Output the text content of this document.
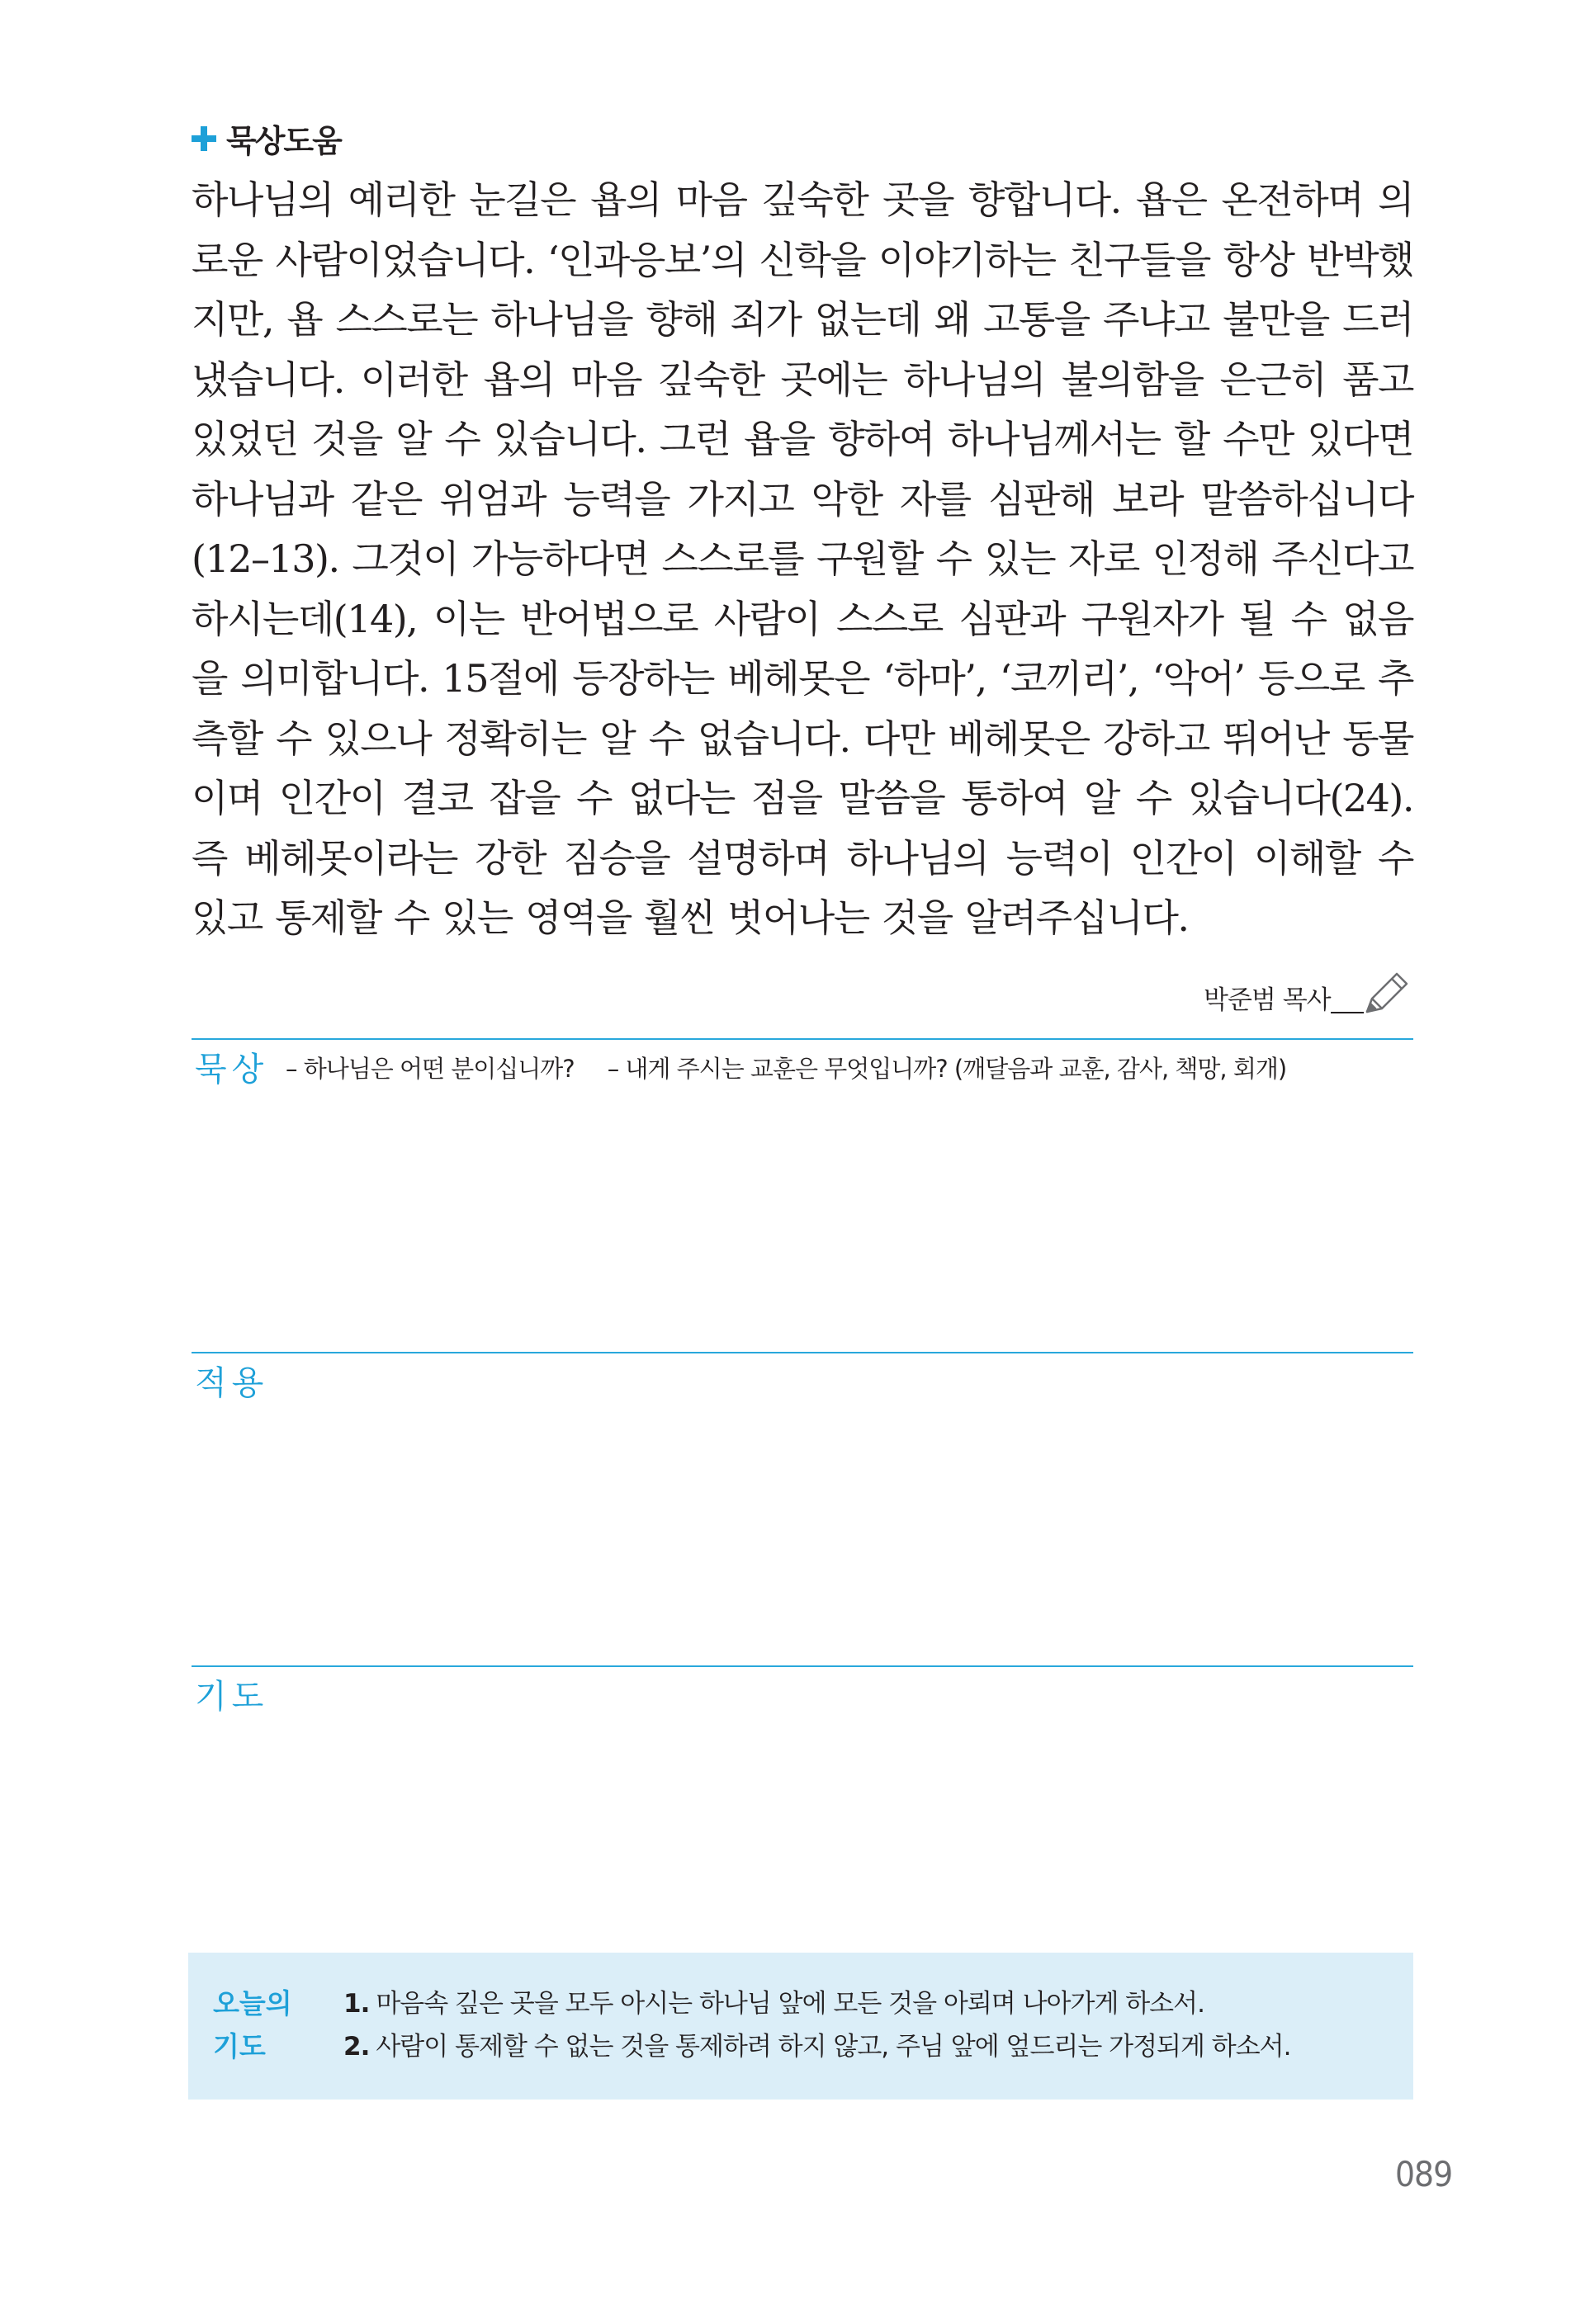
묵상도움

하나님의 예리한 눈길은 욥의 마음 깊숙한 곳을 향합니다. 욥은 온전하며 의로운 사람이었습니다. ‘인과응보’의 신학을 이야기하는 친구들을 항상 반박했지만, 욥 스스로는 하나님을 향해 죄가 없는데 왜 고통을 주냐고 불만을 드러냈습니다. 이러한 욥의 마음 깊숙한 곳에는 하나님의 불의함을 은근히 품고 있었던 것을 알 수 있습니다. 그런 욥을 향하여 하나님께서는 할 수만 있다면 하나님과 같은 위엄과 능력을 가지고 악한 자를 심판해 보라 말씀하십니다(12–13). 그것이 가능하다면 스스로를 구원할 수 있는 자로 인정해 주신다고 하시는데(14), 이는 반어법으로 사람이 스스로 심판과 구원자가 될 수 없음을 의미합니다. 15절에 등장하는 베헤못은 ‘하마’, ‘코끼리’, ‘악어’ 등으로 추측할 수 있으나 정확히는 알 수 없습니다. 다만 베헤못은 강하고 뛰어난 동물이며 인간이 결코 잡을 수 없다는 점을 말씀을 통하여 알 수 있습니다(24). 즉 베헤못이라는 강한 짐승을 설명하며 하나님의 능력이 인간이 이해할 수 있고 통제할 수 있는 영역을 훨씬 벗어나는 것을 알려주십니다.

박준범 목사
묵상 – 하나님은 어떤 분이십니까? – 내게 주시는 교훈은 무엇입니까? (깨달음과 교훈, 감사, 책망, 회개)
적용
기도
오늘의
기도
1. 마음속 깊은 곳을 모두 아시는 하나님 앞에 모든 것을 아뢰며 나아가게 하소서.
2. 사람이 통제할 수 없는 것을 통제하려 하지 않고, 주님 앞에 엎드리는 가정되게 하소서.
089
